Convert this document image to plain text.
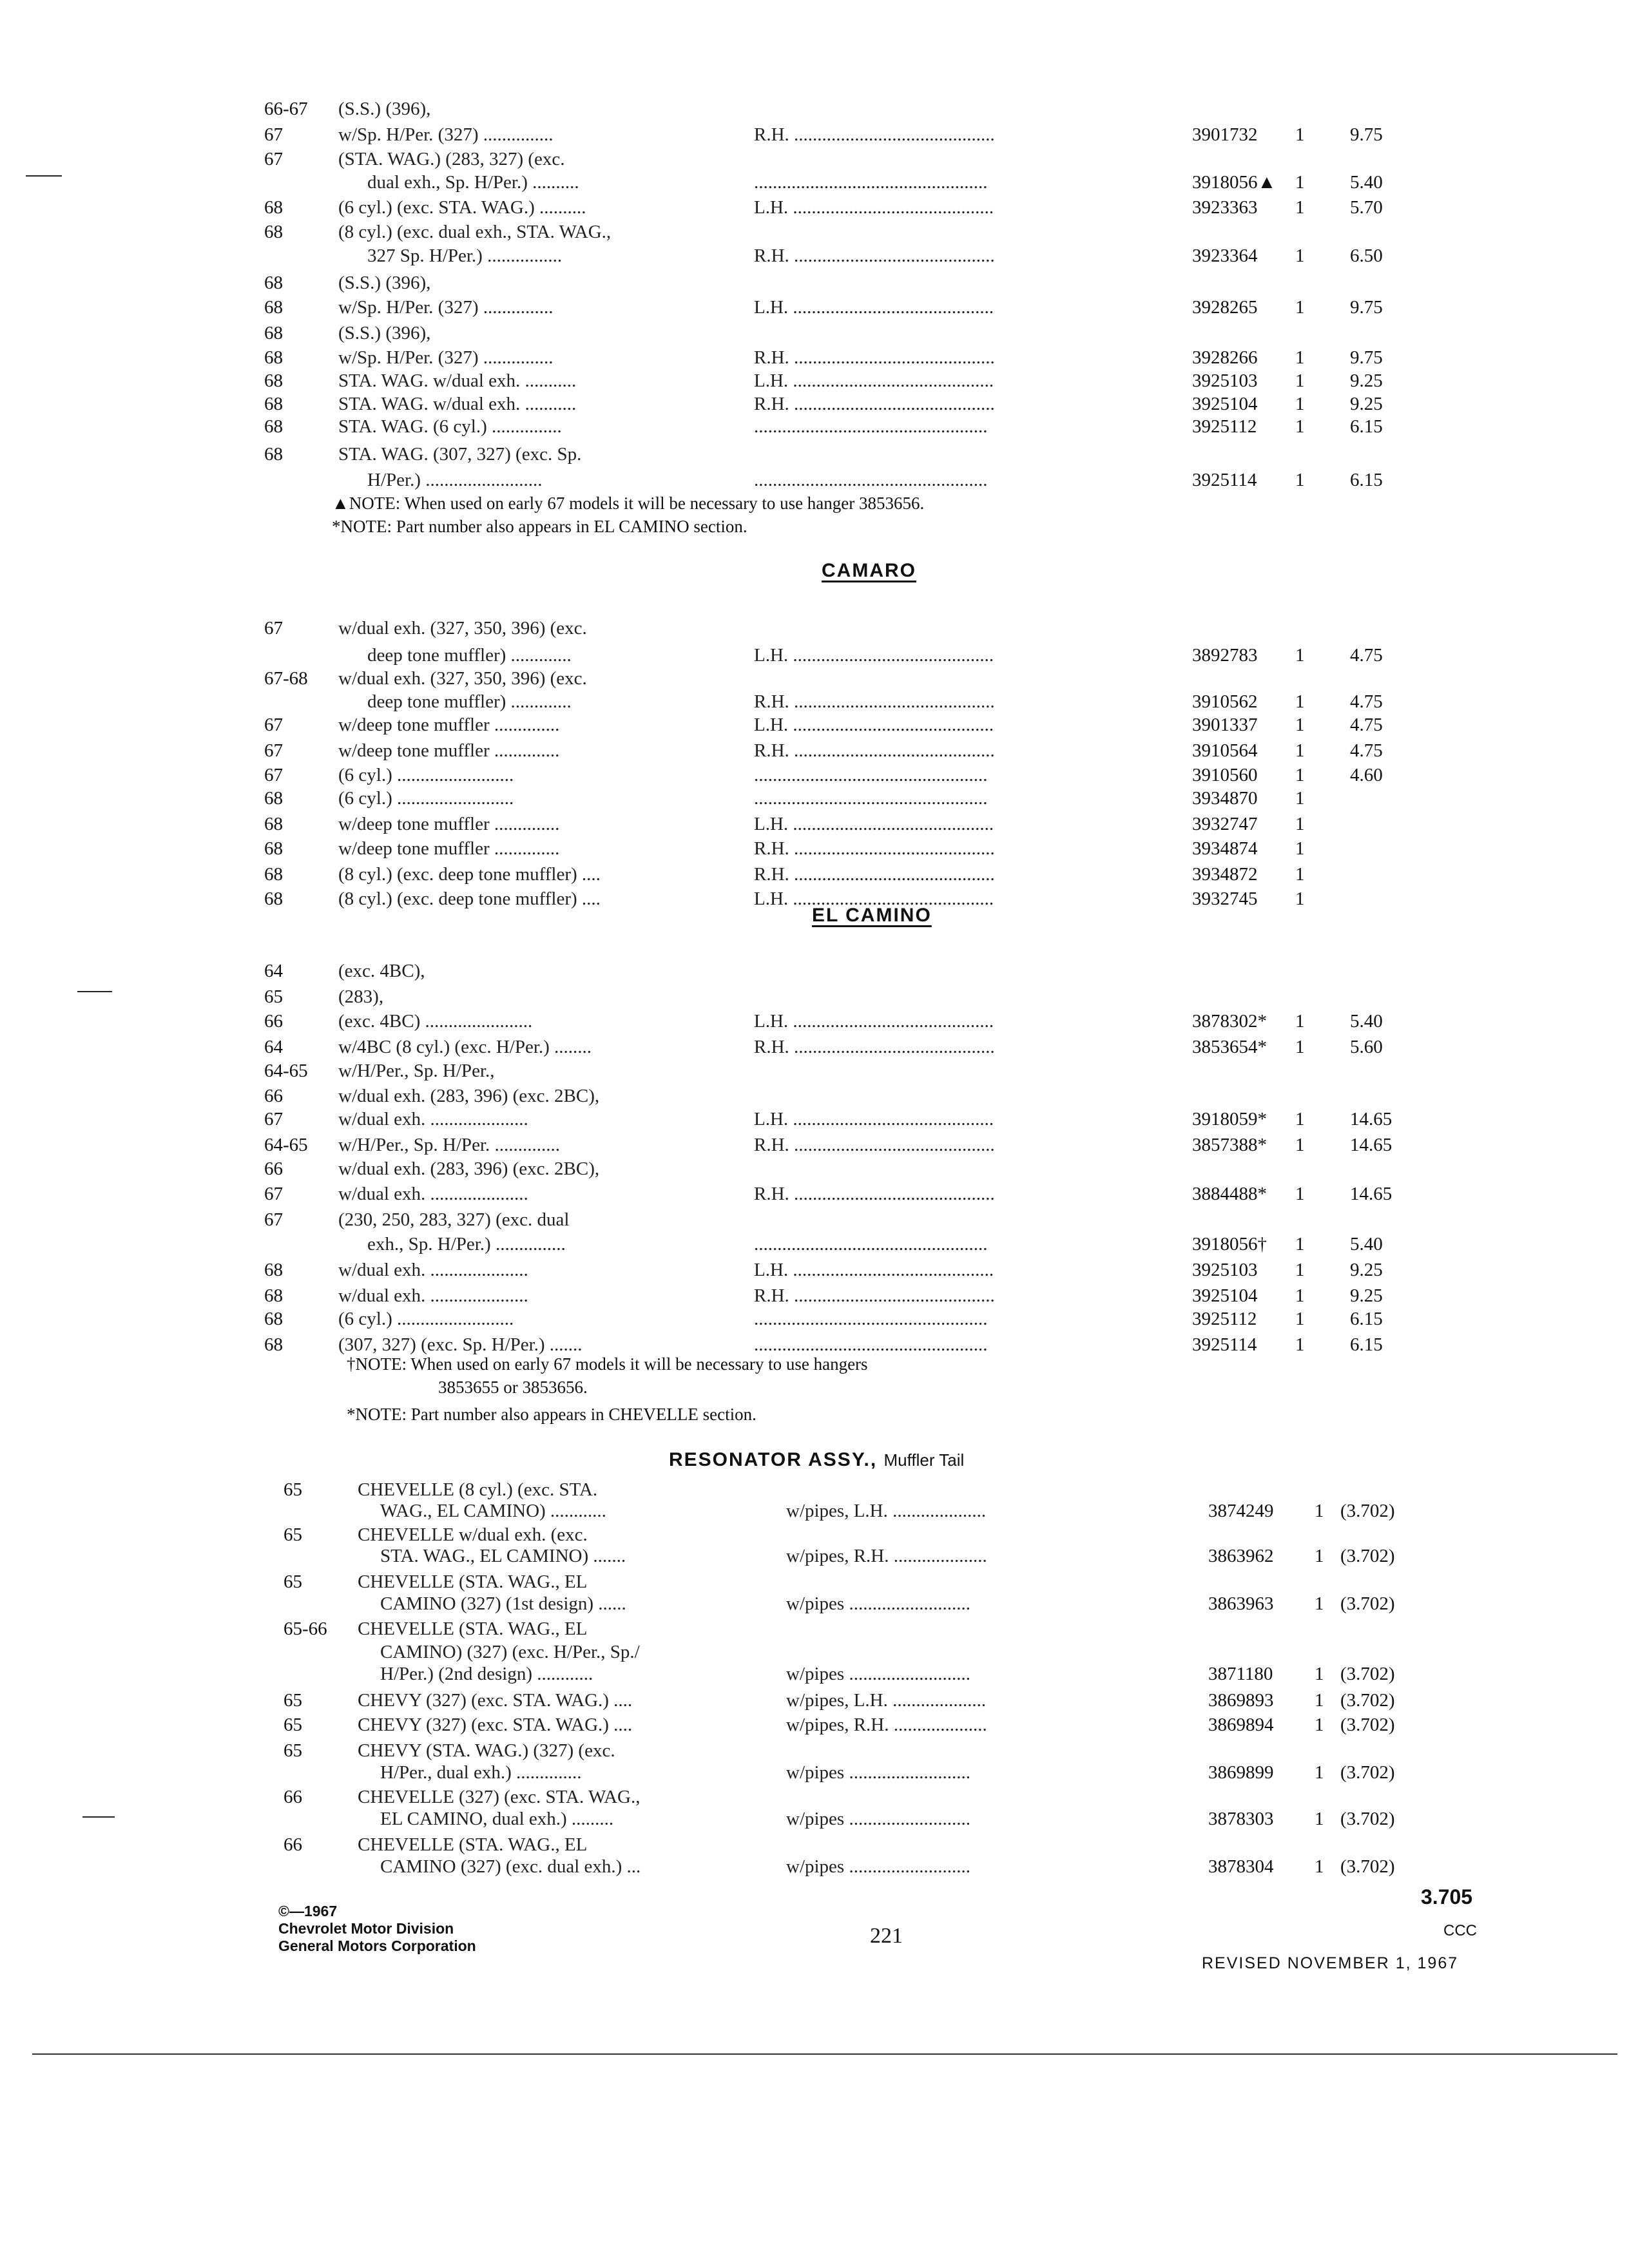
66-67 (S.S.) (396),
67	w/Sp. H/Per. (327) ...............	R.H. ...........................................	3901732 1 9.75
67	(STA. WAG.) (283, 327) (exc.
dual exh., Sp. H/Per.) ..........	..................................................	3918056▲ 1 5.40
68	(6 cyl.) (exc. STA. WAG.) ..........	L.H. ...........................................	3923363 1 5.70
68	(8 cyl.) (exc. dual exh., STA. WAG.,
327 Sp. H/Per.) ................	R.H. ...........................................	3923364 1 6.50
68	(S.S.) (396),
68	w/Sp. H/Per. (327) ...............	L.H. ...........................................	3928265 1 9.75
68	(S.S.) (396),
68	w/Sp. H/Per. (327) ...............	R.H. ...........................................	3928266 1 9.75
68	STA. WAG. w/dual exh. ...........	L.H. ...........................................	3925103 1 9.25
68	STA. WAG. w/dual exh. ...........	R.H. ...........................................	3925104 1 9.25
68	STA. WAG. (6 cyl.) ...............	..................................................	3925112 1 6.15
68	STA. WAG. (307, 327) (exc. Sp.
H/Per.) .........................	..................................................	3925114 1 6.15
▲NOTE: When used on early 67 models it will be necessary to use hanger 3853656.
*NOTE: Part number also appears in EL CAMINO section.
CAMARO
67	w/dual exh. (327, 350, 396) (exc.
deep tone muffler) .............	L.H. ...........................................	3892783 1 4.75
67-68 w/dual exh. (327, 350, 396) (exc.
deep tone muffler) .............	R.H. ...........................................	3910562 1 4.75
67	w/deep tone muffler ..............	L.H. ...........................................	3901337 1 4.75
67	w/deep tone muffler ..............	R.H. ...........................................	3910564 1 4.75
67	(6 cyl.) .........................	..................................................	3910560 1 4.60
68	(6 cyl.) .........................	..................................................	3934870 1
68	w/deep tone muffler ..............	L.H. ...........................................	3932747 1
68	w/deep tone muffler ..............	R.H. ...........................................	3934874 1
68	(8 cyl.) (exc. deep tone muffler) ....	R.H. ...........................................	3934872 1
68	(8 cyl.) (exc. deep tone muffler) ....	L.H. ...........................................	3932745 1
EL CAMINO
64	(exc. 4BC),
65	(283),
66	(exc. 4BC) .......................	L.H. ...........................................	3878302* 1 5.40
64	w/4BC (8 cyl.) (exc. H/Per.) ........	R.H. ...........................................	3853654* 1 5.60
64-65 w/H/Per., Sp. H/Per.,
66	w/dual exh. (283, 396) (exc. 2BC),
67	w/dual exh. .....................	L.H. ...........................................	3918059* 1 14.65
64-65 w/H/Per., Sp. H/Per. ..............	R.H. ...........................................	3857388* 1 14.65
66	w/dual exh. (283, 396) (exc. 2BC),
67	w/dual exh. .....................	R.H. ...........................................	3884488* 1 14.65
67	(230, 250, 283, 327) (exc. dual
exh., Sp. H/Per.) ...............	..................................................	3918056† 1 5.40
68	w/dual exh. .....................	L.H. ...........................................	3925103 1 9.25
68	w/dual exh. .....................	R.H. ...........................................	3925104 1 9.25
68	(6 cyl.) .........................	..................................................	3925112 1 6.15
68	(307, 327) (exc. Sp. H/Per.) .......	..................................................	3925114 1 6.15
†NOTE: When used on early 67 models it will be necessary to use hangers
3853655 or 3853656.
*NOTE: Part number also appears in CHEVELLE section.
RESONATOR ASSY., Muffler Tail
65	CHEVELLE (8 cyl.) (exc. STA.
WAG., EL CAMINO) ............	w/pipes, L.H. ....................	3874249 1 (3.702)
65	CHEVELLE w/dual exh. (exc.
STA. WAG., EL CAMINO) .......	w/pipes, R.H. ....................	3863962 1 (3.702)
65	CHEVELLE (STA. WAG., EL
CAMINO (327) (1st design) ......	w/pipes ..........................	3863963 1 (3.702)
65-66 CHEVELLE (STA. WAG., EL
CAMINO) (327) (exc. H/Per., Sp./
H/Per.) (2nd design) ............	w/pipes ..........................	3871180 1 (3.702)
65	CHEVY (327) (exc. STA. WAG.) ....	w/pipes, L.H. ....................	3869893 1 (3.702)
65	CHEVY (327) (exc. STA. WAG.) ....	w/pipes, R.H. ....................	3869894 1 (3.702)
65	CHEVY (STA. WAG.) (327) (exc.
H/Per., dual exh.) ..............	w/pipes ..........................	3869899 1 (3.702)
66	CHEVELLE (327) (exc. STA. WAG.,
EL CAMINO, dual exh.) .........	w/pipes ..........................	3878303 1 (3.702)
66	CHEVELLE (STA. WAG., EL
CAMINO (327) (exc. dual exh.) ...	w/pipes ..........................	3878304 1 (3.702)
©—1967
Chevrolet Motor Division
General Motors Corporation	221
3.705
CCC
REVISED NOVEMBER 1, 1967
